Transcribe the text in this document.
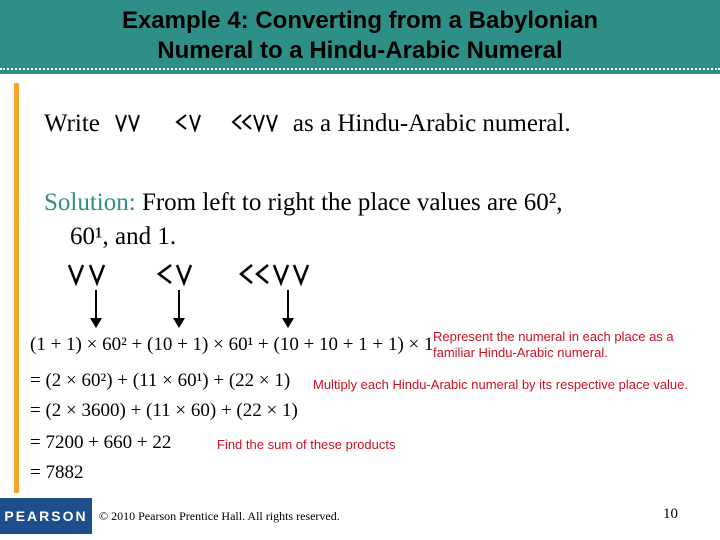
Example 4: Converting from a Babylonian
Numeral to a Hindu-Arabic Numeral
Write	as a Hindu-Arabic numeral.
Solution: From left to right the place values are 60²,
60¹, and 1.
(1 + 1) × 60² + (10 + 1) × 60¹ + (10 + 10 + 1 + 1) × 1
= (2 × 60²) + (11 × 60¹) + (22 × 1)
= (2 × 3600) + (11 × 60) + (22 × 1)
= 7200 + 660 + 22
= 7882
Represent the numeral in each place as a familiar Hindu-Arabic numeral.
Multiply each Hindu-Arabic numeral by its respective place value.
Find the sum of these products
PEARSON © 2010 Pearson Prentice Hall. All rights reserved.	10
